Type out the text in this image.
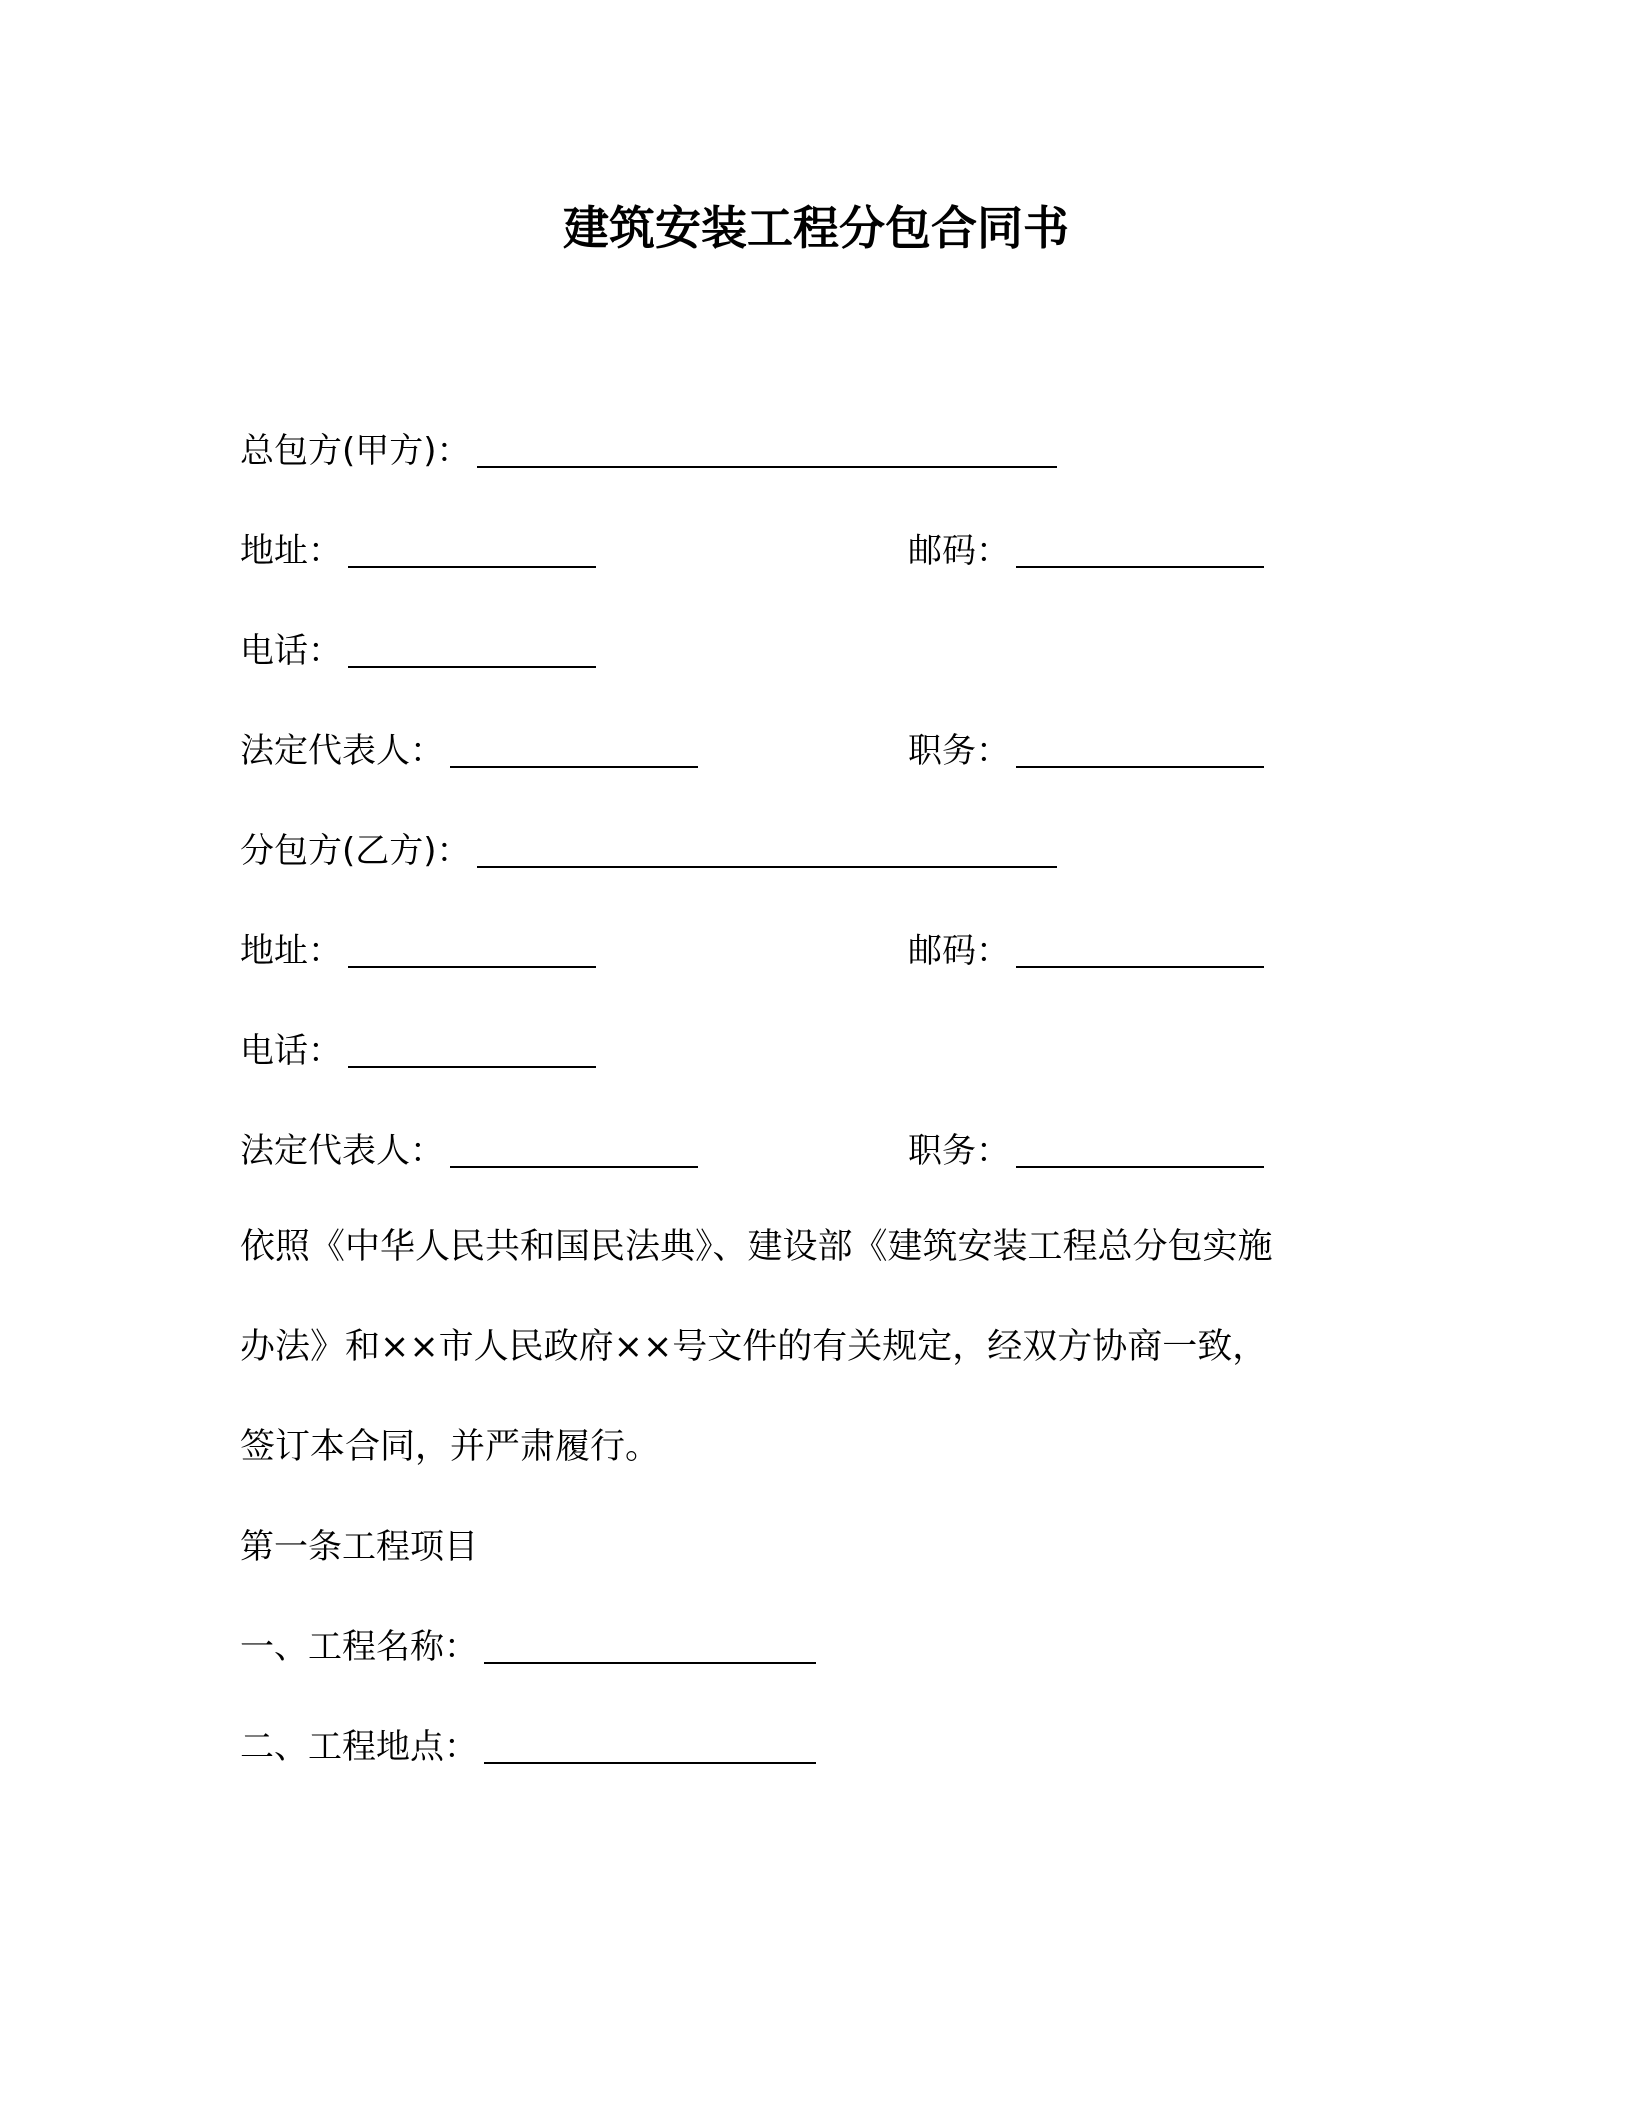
建筑安装工程分包合同书
总包方(甲方)：
地址：	邮码：
电话：
法定代表人：	职务：
分包方(乙方)：
地址：	邮码：
电话：
法定代表人：	职务：
依照《中华人民共和国民法典》、建设部《建筑安装工程总分包实施
办法》和××市人民政府××号文件的有关规定，经双方协商一致，
签订本合同，并严肃履行。
第一条工程项目
一、工程名称：
二、工程地点：
